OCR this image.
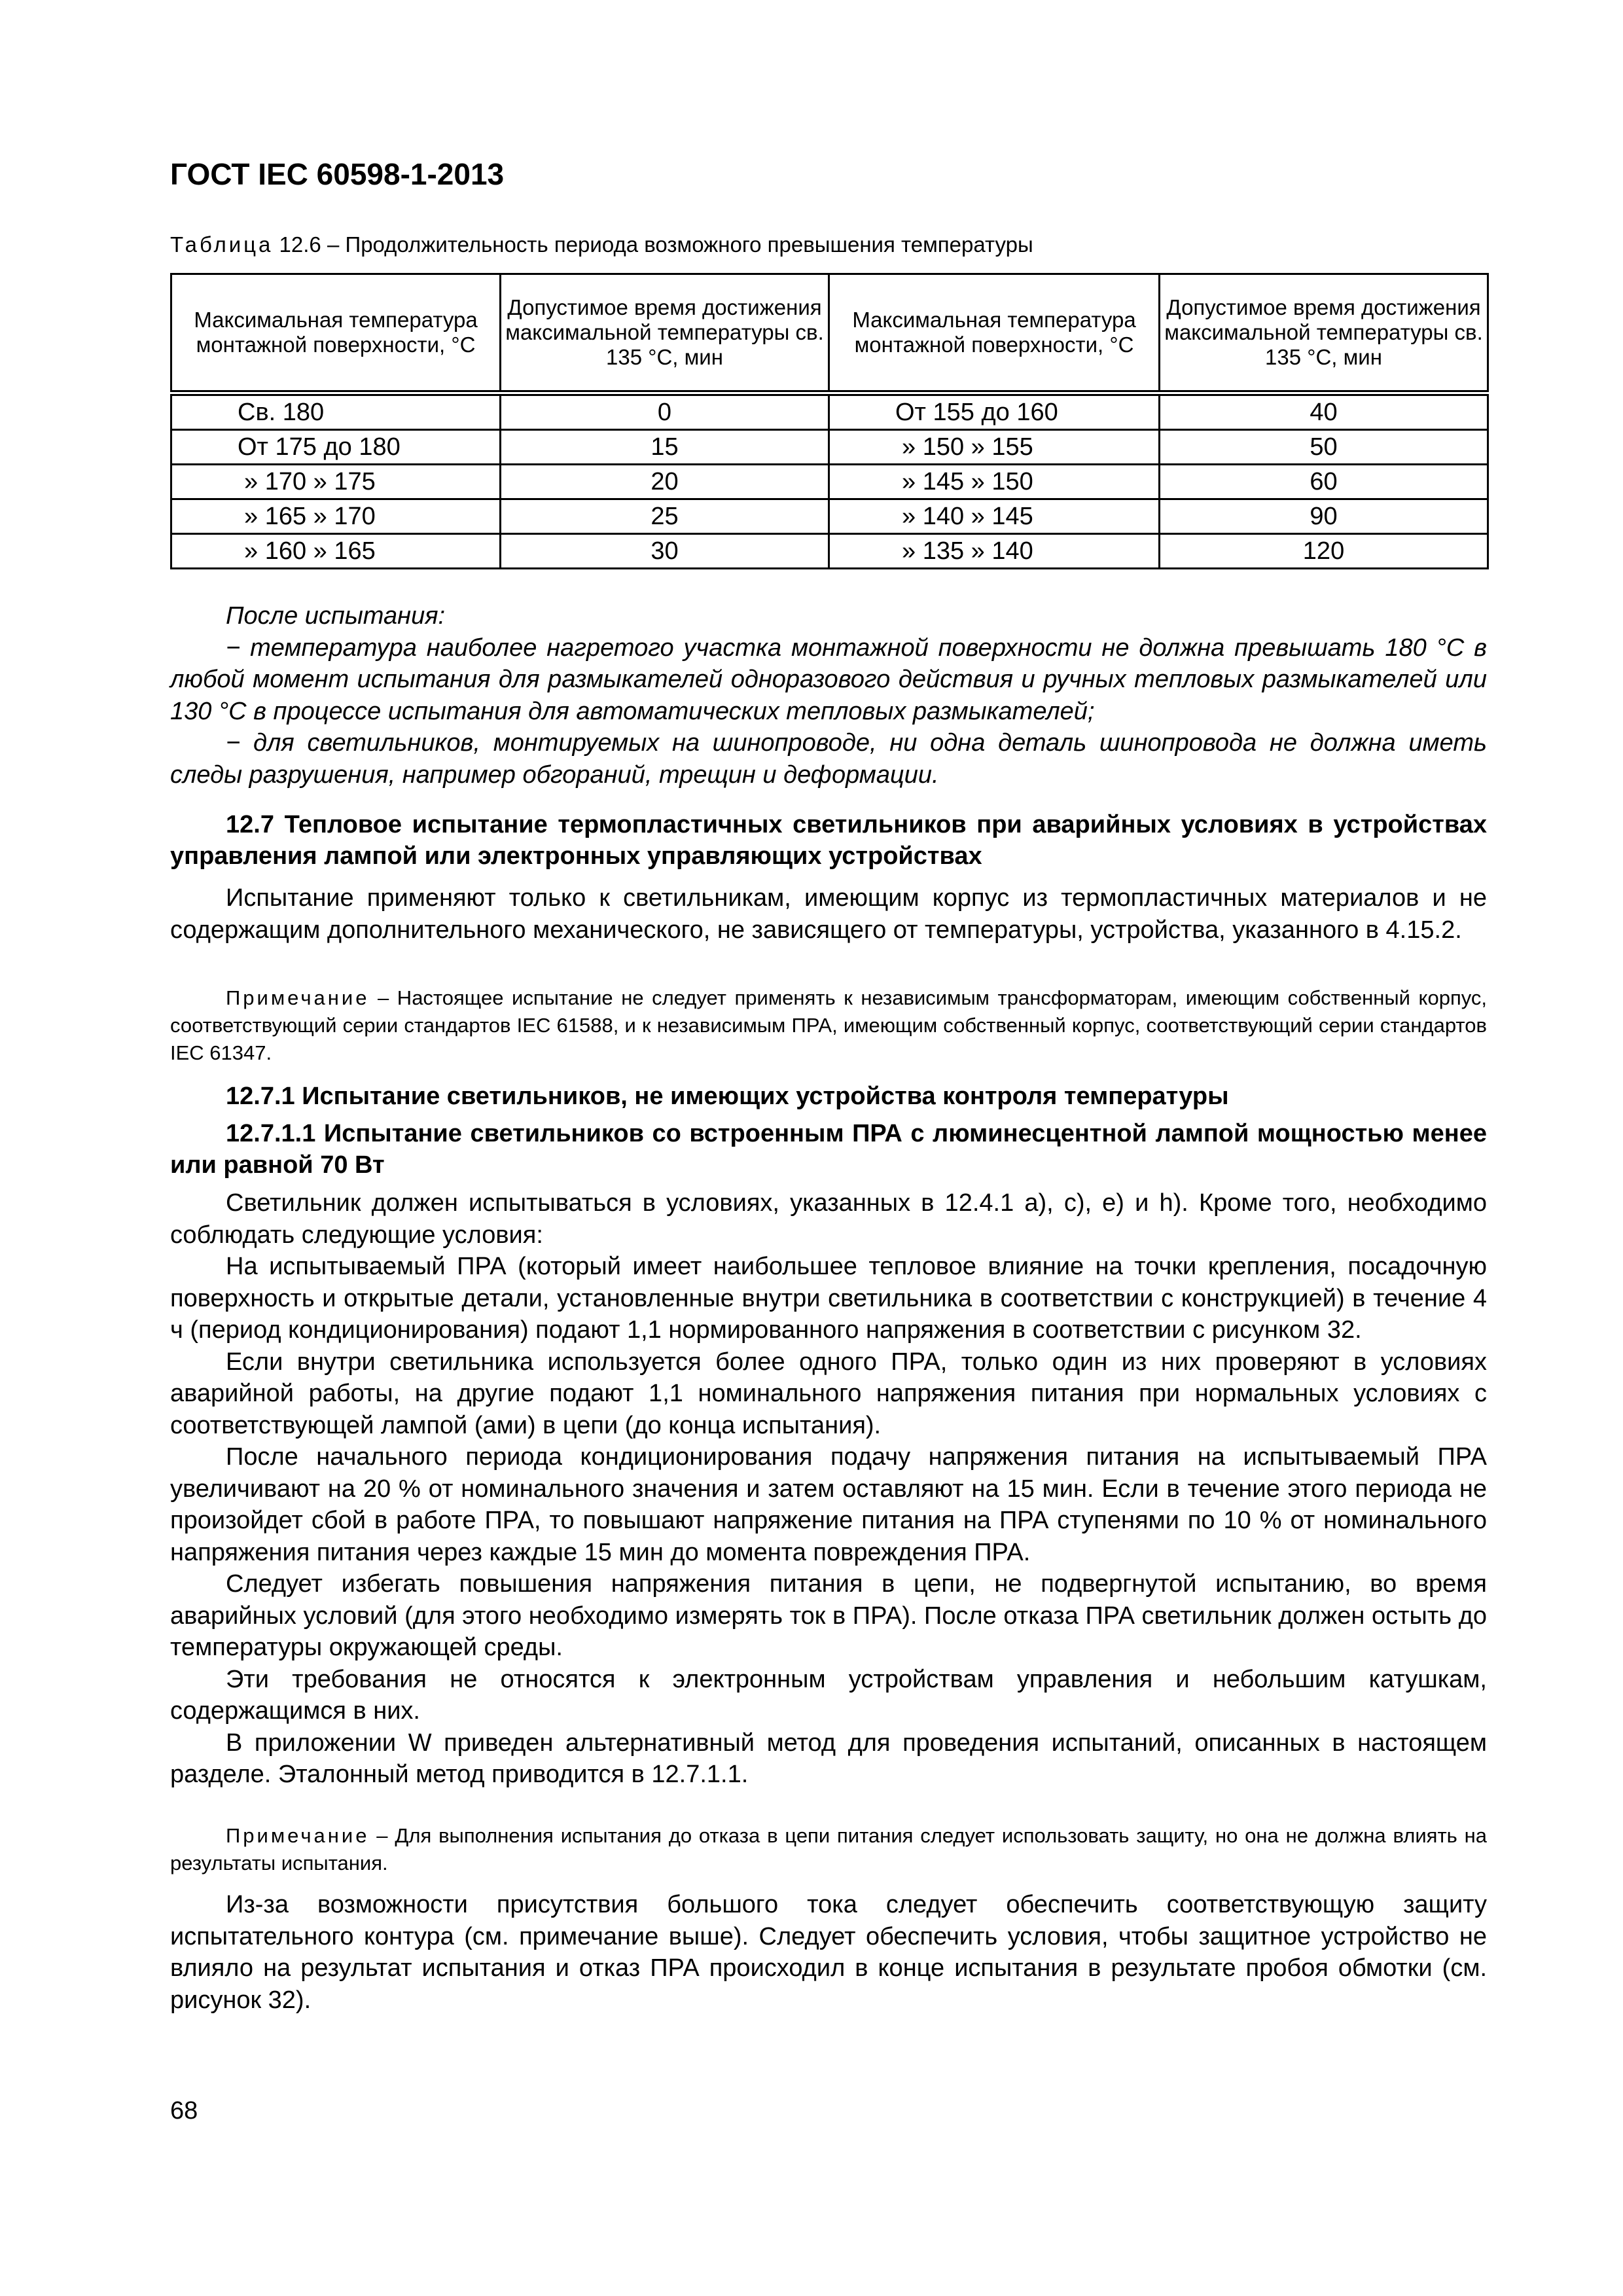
ГОСТ IEC 60598-1-2013
Таблица 12.6 – Продолжительность периода возможного превышения температуры
Максимальная температура монтажной поверхности, °С	Допустимое время достижения максимальной температуры св. 135 °С, мин	Максимальная температура монтажной поверхности, °С	Допустимое время достижения максимальной температуры св. 135 °С, мин
Св. 180	0	От 155 до 160	40
От 175 до 180	15	» 150 » 155	50
» 170 » 175	20	» 145 » 150	60
» 165 » 170	25	» 140 » 145	90
» 160 » 165	30	» 135 » 140	120

После испытания:

− температура наиболее нагретого участка монтажной поверхности не должна превышать 180 °С в любой момент испытания для размыкателей одноразового действия и ручных тепловых размыкателей или 130 °С в процессе испытания для автоматических тепловых размыкателей;

− для светильников, монтируемых на шинопроводе, ни одна деталь шинопровода не должна иметь следы разрушения, например обгораний, трещин и деформации.

12.7 Тепловое испытание термопластичных светильников при аварийных условиях в устройствах управления лампой или электронных управляющих устройствах

Испытание применяют только к светильникам, имеющим корпус из термопластичных материалов и не содержащим дополнительного механического, не зависящего от температуры, устройства, указанного в 4.15.2.

Примечание – Настоящее испытание не следует применять к независимым трансформаторам, имеющим собственный корпус, соответствующий серии стандартов IEC 61588, и к независимым ПРА, имеющим собственный корпус, соответствующий серии стандартов IEC 61347.

12.7.1 Испытание светильников, не имеющих устройства контроля температуры

12.7.1.1 Испытание светильников со встроенным ПРА с люминесцентной лампой мощностью менее или равной 70 Вт

Светильник должен испытываться в условиях, указанных в 12.4.1 а), с), е) и h). Кроме того, необходимо соблюдать следующие условия:

На испытываемый ПРА (который имеет наибольшее тепловое влияние на точки крепления, посадочную поверхность и открытые детали, установленные внутри светильника в соответствии с конструкцией) в течение 4 ч (период кондиционирования) подают 1,1 нормированного напряжения в соответствии с рисунком 32.

Если внутри светильника используется более одного ПРА, только один из них проверяют в условиях аварийной работы, на другие подают 1,1 номинального напряжения питания при нормальных условиях с соответствующей лампой (ами) в цепи (до конца испытания).

После начального периода кондиционирования подачу напряжения питания на испытываемый ПРА увеличивают на 20 % от номинального значения и затем оставляют на 15 мин. Если в течение этого периода не произойдет сбой в работе ПРА, то повышают напряжение питания на ПРА ступенями по 10 % от номинального напряжения питания через каждые 15 мин до момента повреждения ПРА.

Следует избегать повышения напряжения питания в цепи, не подвергнутой испытанию, во время аварийных условий (для этого необходимо измерять ток в ПРА). После отказа ПРА светильник должен остыть до температуры окружающей среды.

Эти требования не относятся к электронным устройствам управления и небольшим катушкам, содержащимся в них.

В приложении W приведен альтернативный метод для проведения испытаний, описанных в настоящем разделе. Эталонный метод приводится в 12.7.1.1.

Примечание – Для выполнения испытания до отказа в цепи питания следует использовать защиту, но она не должна влиять на результаты испытания.

Из-за возможности присутствия большого тока следует обеспечить соответствующую защиту испытательного контура (см. примечание выше). Следует обеспечить условия, чтобы защитное устройство не влияло на результат испытания и отказ ПРА происходил в конце испытания в результате пробоя обмотки (см. рисунок 32).

68
